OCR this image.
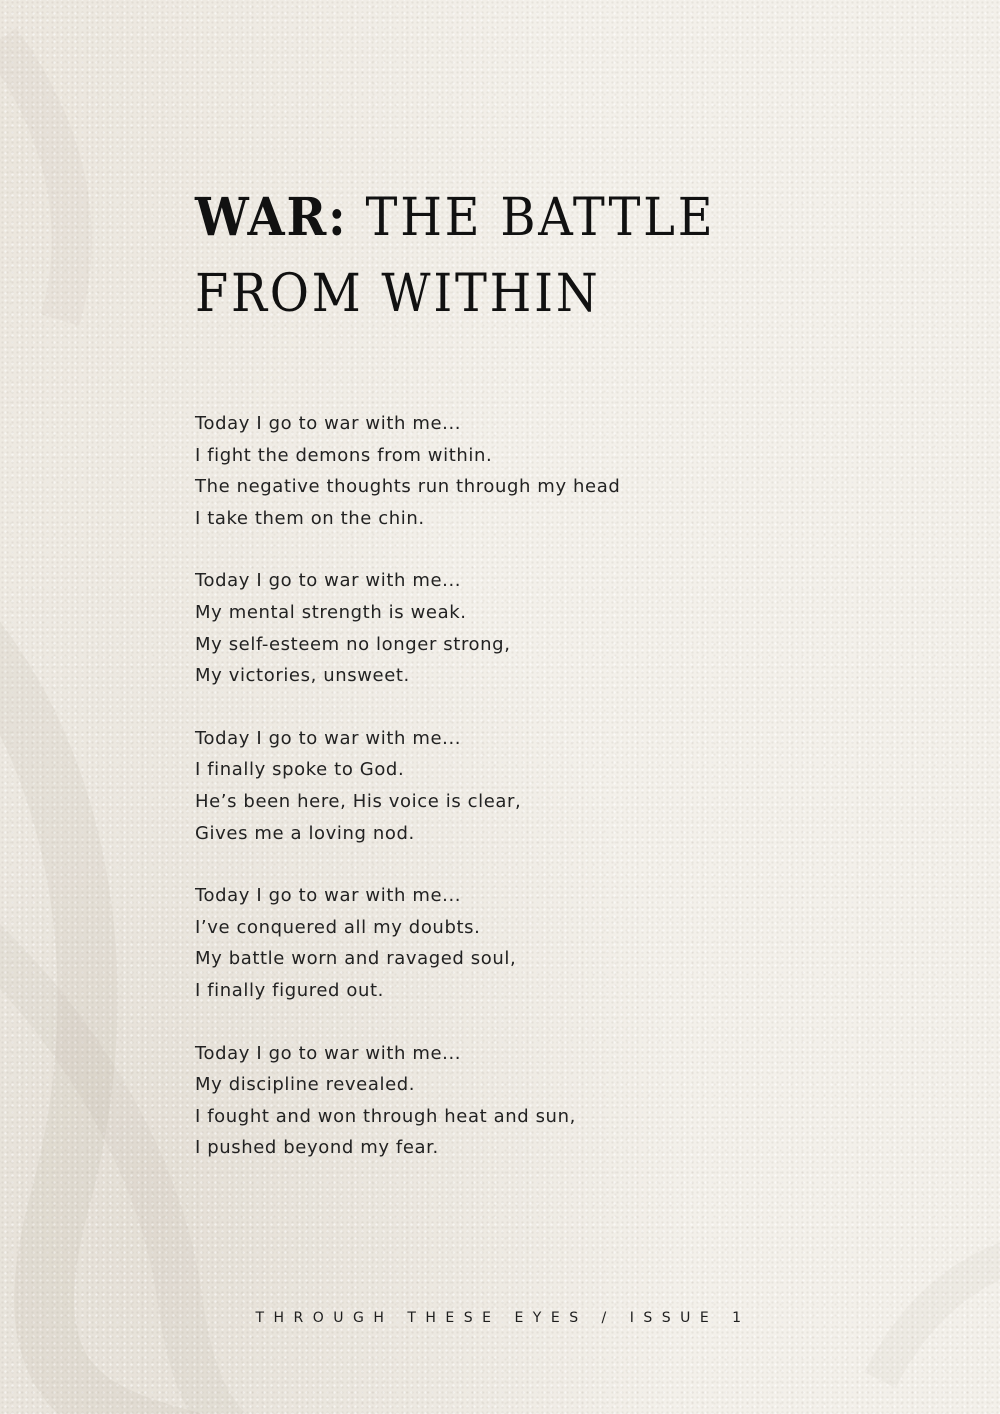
WAR: THE BATTLE FROM WITHIN

Today I go to war with me...
I fight the demons from within.
The negative thoughts run through my head
I take them on the chin.

Today I go to war with me...
My mental strength is weak.
My self-esteem no longer strong,
My victories, unsweet.

Today I go to war with me...
I finally spoke to God.
He’s been here, His voice is clear,
Gives me a loving nod.

Today I go to war with me...
I’ve conquered all my doubts.
My battle worn and ravaged soul,
I finally figured out.

Today I go to war with me...
My discipline revealed.
I fought and won through heat and sun,
I pushed beyond my fear.

THROUGH THESE EYES / ISSUE 1
